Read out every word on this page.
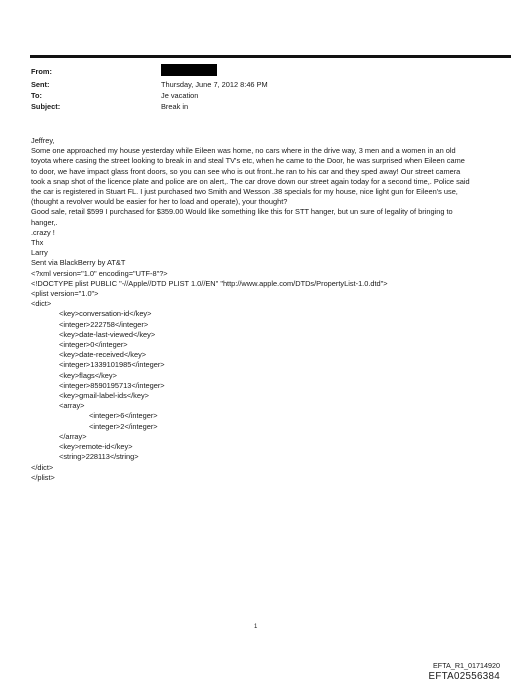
From:
Sent:	Thursday, June 7, 2012 8:46 PM
To:	Je vacation
Subject:	Break in
Jeffrey,
Some one approached my house yesterday while Eileen was home, no cars where in the drive way, 3 men and a women in an old toyota where casing the street looking to break in and steal TV's etc, when he came to the Door, he was surprised when Eileen came to door, we have impact glass front doors, so you can see who is out front..he ran to his car and they sped away! Our street camera took a snap shot of the licence plate and police are on alert,. The car drove down our street again today for a second time,. Police said the car is registered in Stuart FL. I just purchased two Smith and Wesson .38 specials for my house, nice light gun for Eileen's use, (thought a revolver would be easier for her to load and operate), your thought?
Good sale, retail $599 I purchased for $359.00 Would like something like this for STT hanger, but un sure of legality of bringing to hanger,.
.crazy !
Thx
Larry
Sent via BlackBerry by AT&T
<?xml version="1.0" encoding="UTF-8"?>
<!DOCTYPE plist PUBLIC "-//Apple//DTD PLIST 1.0//EN" "http://www.apple.com/DTDs/PropertyList-1.0.dtd">
<plist version="1.0">
<dict>
<key>conversation-id</key>
<integer>222758</integer>
<key>date-last-viewed</key>
<integer>0</integer>
<key>date-received</key>
<integer>1339101985</integer>
<key>flags</key>
<integer>8590195713</integer>
<key>gmail-label-ids</key>
<array>
<integer>6</integer>
<integer>2</integer>
</array>
<key>remote-id</key>
<string>228113</string>
</dict>
</plist>
1
EFTA_R1_01714920
EFTA02556384
